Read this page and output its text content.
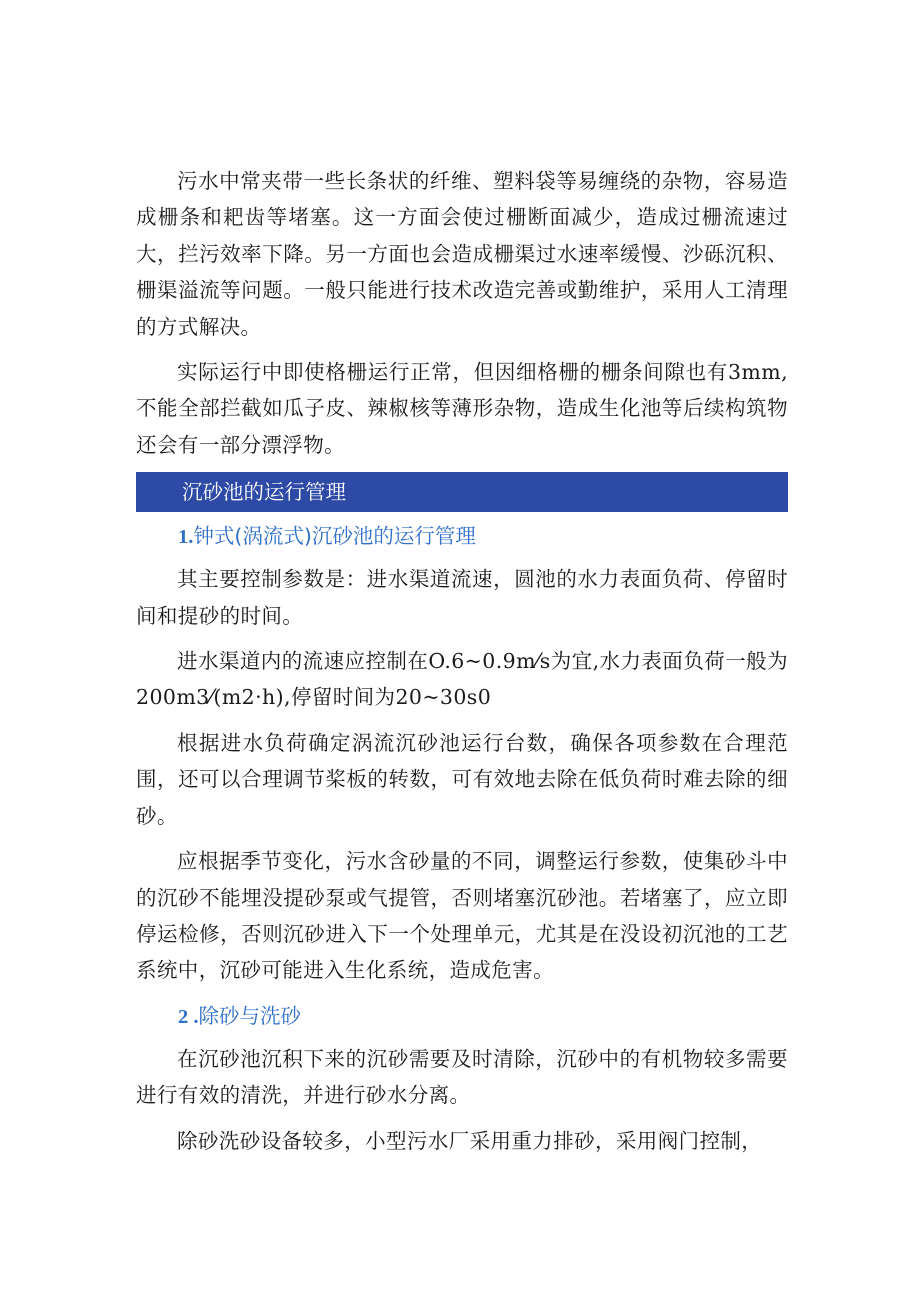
污水中常夹带一些长条状的纤维、塑料袋等易缠绕的杂物，容易造成栅条和耙齿等堵塞。这一方面会使过栅断面减少，造成过栅流速过大，拦污效率下降。另一方面也会造成栅渠过水速率缓慢、沙砾沉积、栅渠溢流等问题。一般只能进行技术改造完善或勤维护，采用人工清理的方式解决。

实际运行中即使格栅运行正常，但因细格栅的栅条间隙也有3mm,不能全部拦截如瓜子皮、辣椒核等薄形杂物，造成生化池等后续构筑物还会有一部分漂浮物。

沉砂池的运行管理
1.钟式(涡流式)沉砂池的运行管理

其主要控制参数是：进水渠道流速，圆池的水力表面负荷、停留时间和提砂的时间。

进水渠道内的流速应控制在O.6~0.9m⁄s为宜,水力表面负荷一般为200m3⁄(m2·h),停留时间为20~30s0

根据进水负荷确定涡流沉砂池运行台数，确保各项参数在合理范围，还可以合理调节桨板的转数，可有效地去除在低负荷时难去除的细砂。

应根据季节变化，污水含砂量的不同，调整运行参数，使集砂斗中的沉砂不能埋没提砂泵或气提管，否则堵塞沉砂池。若堵塞了，应立即停运检修，否则沉砂进入下一个处理单元，尤其是在没设初沉池的工艺系统中，沉砂可能进入生化系统，造成危害。

2 .除砂与洗砂

在沉砂池沉积下来的沉砂需要及时清除，沉砂中的有机物较多需要进行有效的清洗，并进行砂水分离。

除砂洗砂设备较多，小型污水厂采用重力排砂，采用阀门控制，
